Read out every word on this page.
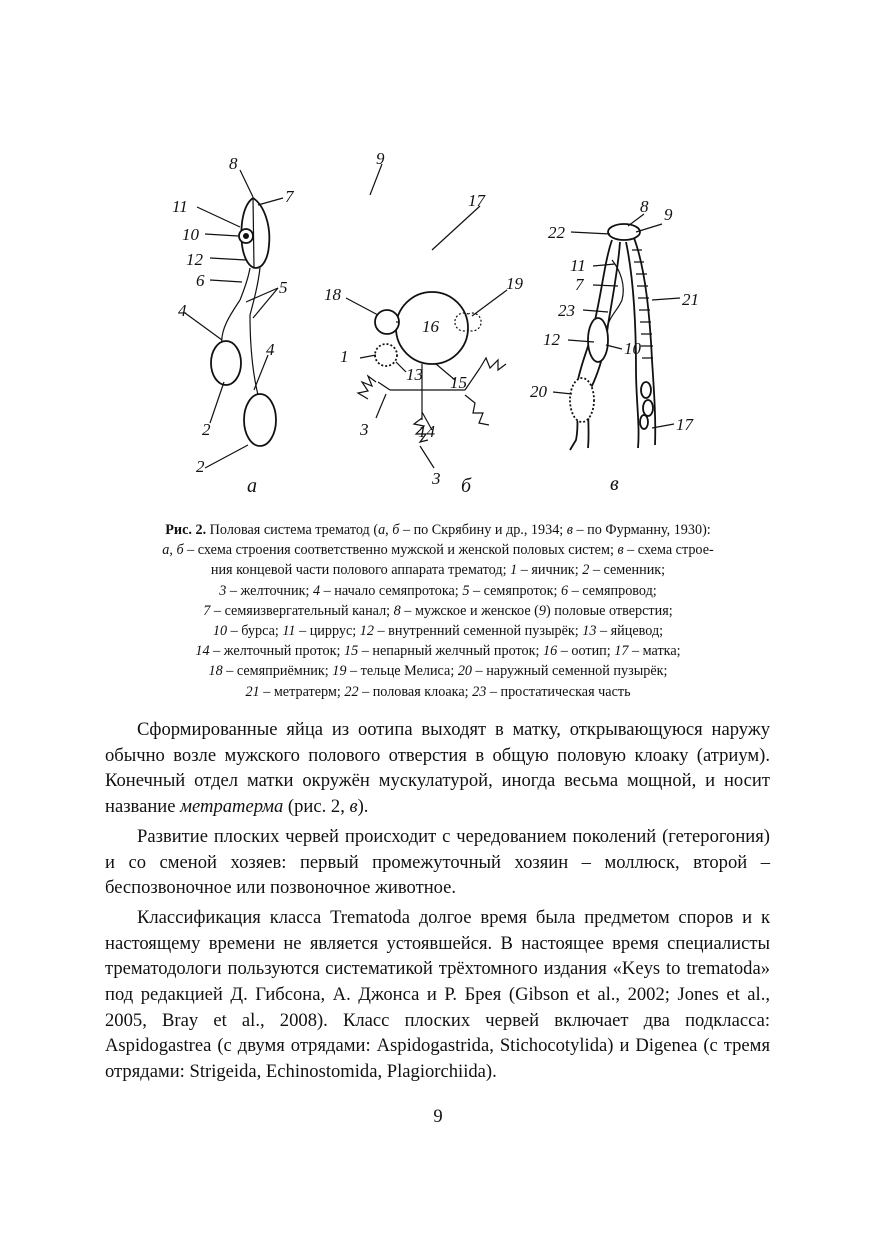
8
7
11
10
12
6	5
4
4
2
2
а
9
17
18
19
16
1
13 15
3	14
3 б
8 9
22
11
7
21
23
12	10
20
17
в
Рис. 2. Половая система трематод (а, б – по Скрябину и др., 1934; в – по Фурманну, 1930):
а, б – схема строения соответственно мужской и женской половых систем; в – схема строе-
ния концевой части полового аппарата трематод; 1 – яичник; 2 – семенник;
3 – желточник; 4 – начало семяпротока; 5 – семяпроток; 6 – семяпровод;
7 – семяизвергательный канал; 8 – мужское и женское (9) половые отверстия;
10 – бурса; 11 – циррус; 12 – внутренний семенной пузырёк; 13 – яйцевод;
14 – желточный проток; 15 – непарный желчный проток; 16 – оотип; 17 – матка;
18 – семяприёмник; 19 – тельце Мелиса; 20 – наружный семенной пузырёк;
21 – метратерм; 22 – половая клоака; 23 – простатическая часть

Сформированные яйца из оотипа выходят в матку, открывающуюся наружу обычно возле мужского полового отверстия в общую половую клоаку (атриум). Конечный отдел матки окружён мускулатурой, иногда весьма мощной, и носит название метратерма (рис. 2, в).

Развитие плоских червей происходит с чередованием поколений (гетерогония) и со сменой хозяев: первый промежуточный хозяин – моллюск, второй – беспозвоночное или позвоночное животное.

Классификация класса Trematoda долгое время была предметом споров и к настоящему времени не является устоявшейся. В настоящее время специалисты трематодологи пользуются систематикой трёхтомного издания «Keys to trematoda» под редакцией Д. Гибсона, А. Джонса и Р. Брея (Gibson et al., 2002; Jones et al., 2005, Bray et al., 2008). Класс плоских червей включает два подкласса: Aspidogastrea (с двумя отрядами: Aspidogastrida, Stichocotylida) и Digenea (с тремя отрядами: Strigeida, Echinostomida, Plagiorchiida).

9
